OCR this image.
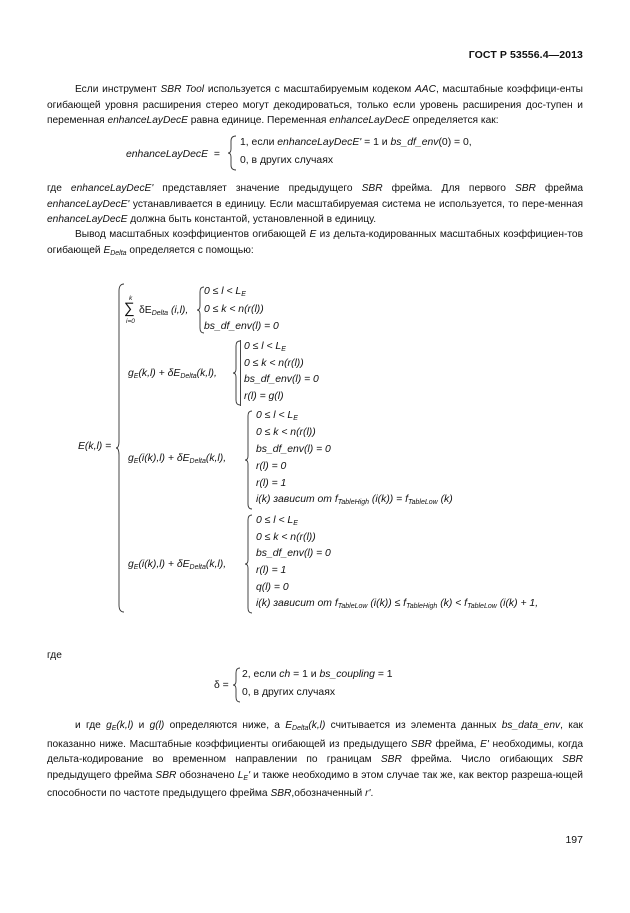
ГОСТ Р 53556.4—2013

Если инструмент SBR Tool используется с масштабируемым кодеком AAC, масштабные коэффици-енты огибающей уровня расширения стерео могут декодироваться, только если уровень расширения дос-тупен и переменная enhanceLayDecE равна единице. Переменная enhanceLayDecE определяется как:

enhanceLayDecE =
1, если enhanceLayDecE' = 1 и bs_df_env(0) = 0,
0, в других случаях

где enhanceLayDecE' представляет значение предыдущего SBR фрейма. Для первого SBR фрейма enhanceLayDecE' устанавливается в единицу. Если масштабируемая система не используется, то пере-менная enhanceLayDecE должна быть константой, установленной в единицу.

Вывод масштабных коэффициентов огибающей E из дельта-кодированных масштабных коэффициен-тов огибающей $E_{Delta}$ определяется с помощью:

E(k,l) =
k
∑
i=0
$\delta E_{Delta}$ (i,l),
$0 \le l < L_E$
0 ≤ k < n(r(l))
bs_df_env(l) = 0
$g_E(k,l) + \delta E_{Delta}(k,l)$,
$0 \le l < L_E$
0 ≤ k < n(r(l))
bs_df_env(l) = 0
r(l) = g(l)
$g_E(i(k),l) + \delta E_{Delta}(k,l)$,
$0 \le l < L_E$
0 ≤ k < n(r(l))
bs_df_env(l) = 0
r(l) = 0
r(l) = 1
i(k) зависит от $f_{TableHigh}$ $(i(k)) = f_{TableLow}$ (k)
$g_E(i(k),l) + \delta E_{Delta}(k,l)$,
$0 \le l < L_E$
0 ≤ k < n(r(l))
bs_df_env(l) = 0
r(l) = 1
q(l) = 0
i(k) зависит от $f_{TableLow}$ $(i(k)) \le f_{TableHigh}$ $(k) < f_{TableLow}$ (i(k) + 1,
где
δ =
2, если ch = 1 и bs_coupling = 1
0, в других случаях

и где $g_E(k,l)$ и g(l) определяются ниже, а $E_{Delta}(k,l)$ считывается из элемента данных bs_data_env, как показанно ниже. Масштабные коэффициенты огибающей из предыдущего SBR фрейма, E' необходимы, когда дельта-кодирование во временном направлении по границам SBR фрейма. Число огибающих SBR предыдущего фрейма SBR обозначено $L_E'$ и также необходимо в этом случае так же, как вектор разреша-ющей способности по частоте предыдущего фрейма SBR,обозначенный r'.

197
